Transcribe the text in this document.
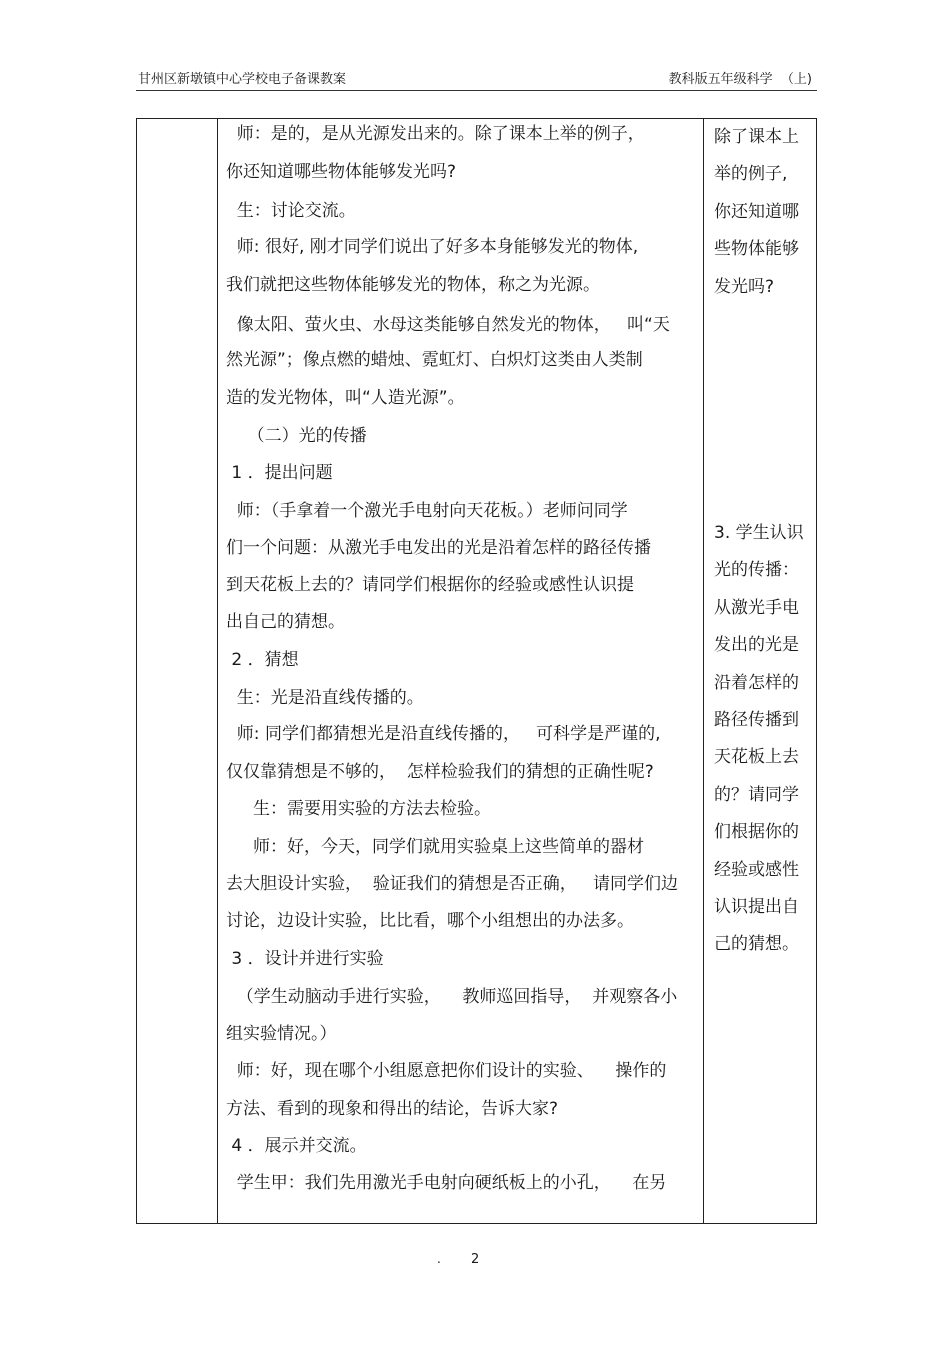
甘州区新墩镇中心学校电子备课教案	教科版五年级科学  （上)
师：是的，是从光源发出来的。除了课本上举的例子，
你还知道哪些物体能够发光吗?
生：讨论交流。
师: 很好, 刚才同学们说出了好多本身能够发光的物体,
我们就把这些物体能够发光的物体，称之为光源。
像太阳、萤火虫、水母这类能够自然发光的物体，   叫“天
然光源”；像点燃的蜡烛、霓虹灯、白炽灯这类由人类制
造的发光物体，叫“人造光源”。
（二）光的传播
1 ．提出问题
师：（手拿着一个激光手电射向天花板。）老师问同学
们一个问题：从激光手电发出的光是沿着怎样的路径传播
到天花板上去的？请同学们根据你的经验或感性认识提
出自己的猜想。
2 ．猜想
生：光是沿直线传播的。
师: 同学们都猜想光是沿直线传播的，   可科学是严谨的,
仅仅靠猜想是不够的，  怎样检验我们的猜想的正确性呢?
生：需要用实验的方法去检验。
师：好，今天，同学们就用实验桌上这些简单的器材
去大胆设计实验，  验证我们的猜想是否正确，   请同学们边
讨论，边设计实验，比比看，哪个小组想出的办法多。
3 ．设计并进行实验
（学生动脑动手进行实验，    教师巡回指导，  并观察各小
组实验情况。）
师：好，现在哪个小组愿意把你们设计的实验、    操作的
方法、看到的现象和得出的结论，告诉大家?
4 ．展示并交流。
学生甲：我们先用激光手电射向硬纸板上的小孔，    在另
除了课本上
举的例子,
你还知道哪
些物体能够
发光吗?
3. 学生认识
光的传播：
从激光手电
发出的光是
沿着怎样的
路径传播到
天花板上去
的？请同学
们根据你的
经验或感性
认识提出自
己的猜想。
. 2
